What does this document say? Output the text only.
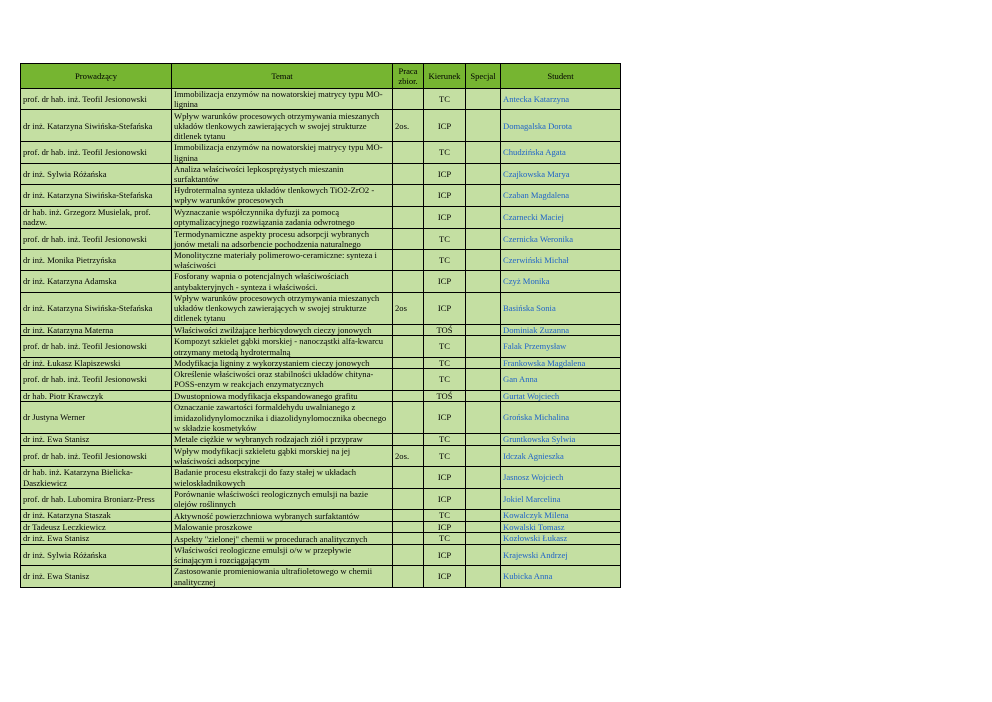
Prowadzący	Temat	Praca zbior.	Kierunek	Specjal	Student
prof. dr hab. inż. Teofil Jesionowski	Immobilizacja enzymów na nowatorskiej matrycy typu MO-lignina		TC		Antecka Katarzyna
dr inż. Katarzyna Siwińska-Stefańska	Wpływ warunków procesowych otrzymywania mieszanych układów tlenkowych zawierających w swojej strukturze ditlenek tytanu	2os.	ICP		Domagalska Dorota
prof. dr hab. inż. Teofil Jesionowski	Immobilizacja enzymów na nowatorskiej matrycy typu MO-lignina		TC		Chudzińska Agata
dr inż. Sylwia Różańska	Analiza właściwości lepkosprężystych mieszanin surfaktantów		ICP		Czajkowska Marya
dr inż. Katarzyna Siwińska-Stefańska	Hydrotermalna synteza układów tlenkowych TiO2-ZrO2 - wpływ warunków procesowych		ICP		Czaban Magdalena
dr hab. inż. Grzegorz Musielak, prof. nadzw.	Wyznaczanie współczynnika dyfuzji za pomocą optymalizacyjnego rozwiązania zadania odwrotnego		ICP		Czarnecki Maciej
prof. dr hab. inż. Teofil Jesionowski	Termodynamiczne aspekty procesu adsorpcji wybranych jonów metali na adsorbencie pochodzenia naturalnego		TC		Czernicka Weronika
dr inż. Monika Pietrzyńska	Monolityczne materiały polimerowo-ceramiczne: synteza i właściwości		TC		Czerwiński Michał
dr inż. Katarzyna Adamska	Fosforany wapnia o potencjalnych właściwościach antybakteryjnych - synteza i właściwości.		ICP		Czyż Monika
dr inż. Katarzyna Siwińska-Stefańska	Wpływ warunków procesowych otrzymywania mieszanych układów tlenkowych zawierających w swojej strukturze ditlenek tytanu	2os	ICP		Basińska Sonia
dr inż. Katarzyna Materna	Właściwości zwilżające herbicydowych cieczy jonowych		TOŚ		Dominiak Zuzanna
prof. dr hab. inż. Teofil Jesionowski	Kompozyt szkielet gąbki morskiej - nanocząstki alfa-kwarcu otrzymany metodą hydrotermalną		TC		Falak Przemysław
dr inż. Łukasz Klapiszewski	Modyfikacja ligniny z wykorzystaniem cieczy jonowych		TC		Frankowska Magdalena
prof. dr hab. inż. Teofil Jesionowski	Określenie właściwości oraz stabilności układów chityna-POSS-enzym w reakcjach enzymatycznych		TC		Gan Anna
dr hab. Piotr Krawczyk	Dwustopniowa modyfikacja ekspandowanego grafitu		TOŚ		Gurtat Wojciech
dr Justyna Werner	Oznaczanie zawartości formaldehydu uwalnianego z imidazolidynylomocznika i diazolidynylomocznika obecnego w składzie kosmetyków		ICP		Grońska Michalina
dr inż. Ewa Stanisz	Metale ciężkie w wybranych rodzajach ziół i przypraw		TC		Gruntkowska Sylwia
prof. dr hab. inż. Teofil Jesionowski	Wpływ modyfikacji szkieletu gąbki morskiej na jej właściwości adsorpcyjne	2os.	TC		Idczak Agnieszka
dr hab. inż. Katarzyna Bielicka-Daszkiewicz	Badanie procesu ekstrakcji do fazy stałej w układach wieloskładnikowych		ICP		Jasnosz Wojciech
prof. dr hab. Lubomira Broniarz-Press	Porównanie właściwości reologicznych emulsji na bazie olejów roślinnych		ICP		Jokiel Marcelina
dr inż. Katarzyna Staszak	Aktywność powierzchniowa wybranych surfaktantów		TC		Kowalczyk Milena
dr Tadeusz Leczkiewicz	Malowanie proszkowe		ICP		Kowalski Tomasz
dr inż. Ewa Stanisz	Aspekty "zielonej" chemii w procedurach analitycznych		TC		Kozłowski Łukasz
dr inż. Sylwia Różańska	Właściwości reologiczne emulsji o/w w przepływie ścinającym i rozciągającym		ICP		Krajewski Andrzej
dr inż. Ewa Stanisz	Zastosowanie promieniowania ultrafioletowego w chemii analitycznej		ICP		Kubicka Anna
